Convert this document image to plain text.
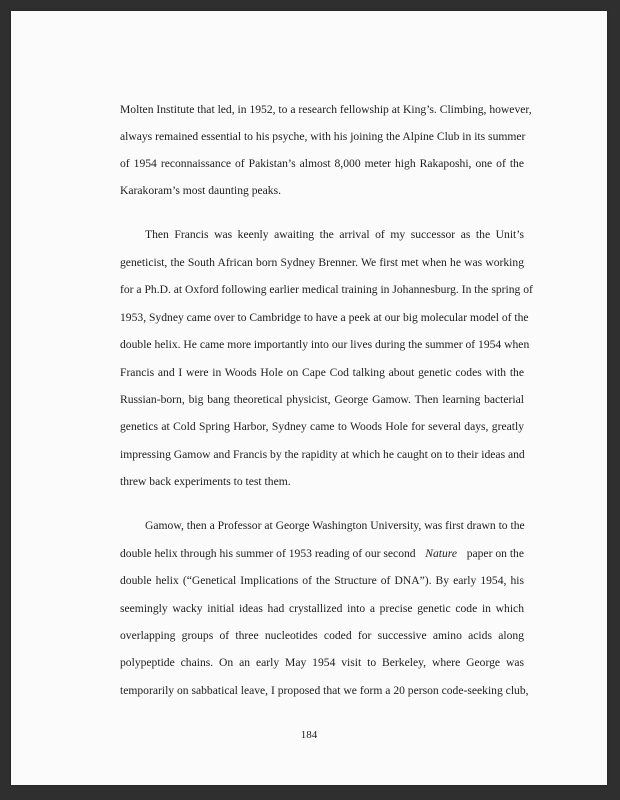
Molten Institute that led, in 1952, to a research fellowship at King’s. Climbing, however,
always remained essential to his psyche, with his joining the Alpine Club in its summer
of 1954 reconnaissance of Pakistan’s almost 8,000 meter high Rakaposhi, one of the
Karakoram’s most daunting peaks.
Then Francis was keenly awaiting the arrival of my successor as the Unit’s
geneticist, the South African born Sydney Brenner. We first met when he was working
for a Ph.D. at Oxford following earlier medical training in Johannesburg. In the spring of
1953, Sydney came over to Cambridge to have a peek at our big molecular model of the
double helix. He came more importantly into our lives during the summer of 1954 when
Francis and I were in Woods Hole on Cape Cod talking about genetic codes with the
Russian-born, big bang theoretical physicist, George Gamow. Then learning bacterial
genetics at Cold Spring Harbor, Sydney came to Woods Hole for several days, greatly
impressing Gamow and Francis by the rapidity at which he caught on to their ideas and
threw back experiments to test them.
Gamow, then a Professor at George Washington University, was first drawn to the
double helix through his summer of 1953 reading of our second Nature paper on the
double helix (“Genetical Implications of the Structure of DNA”). By early 1954, his
seemingly wacky initial ideas had crystallized into a precise genetic code in which
overlapping groups of three nucleotides coded for successive amino acids along
polypeptide chains. On an early May 1954 visit to Berkeley, where George was
temporarily on sabbatical leave, I proposed that we form a 20 person code-seeking club,
184
